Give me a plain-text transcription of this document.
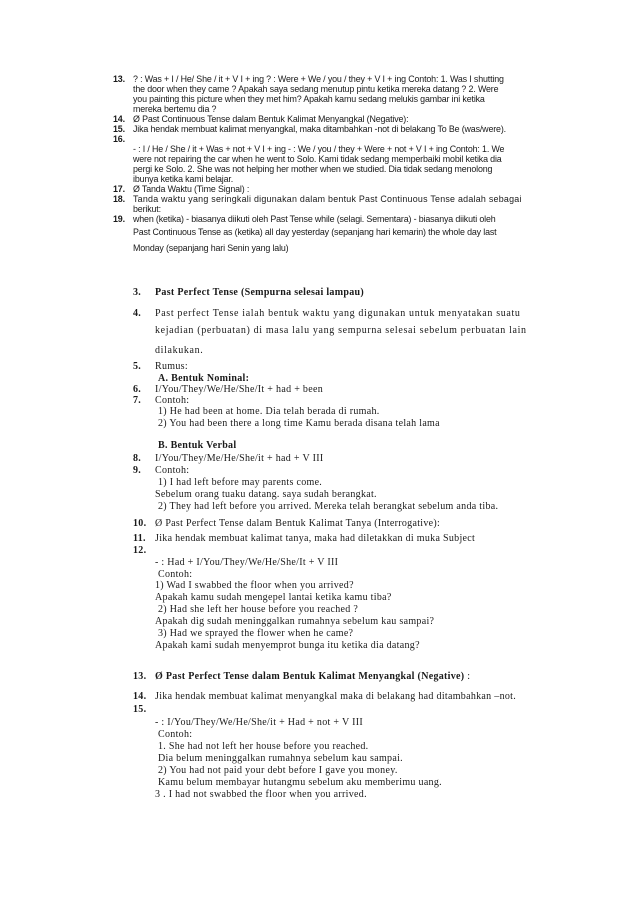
13. ? : Was + I / He/ She / it + V I + ing ? : Were + We / you / they + V I + ing Contoh: 1. Was I shutting
the door when they came ? Apakah saya sedang menutup pintu ketika mereka datang ? 2. Were
you painting this picture when they met him? Apakah kamu sedang melukis gambar ini ketika
mereka bertemu dia ?
14. Ø Past Continuous Tense dalam Bentuk Kalimat Menyangkal (Negative):
15. Jika hendak membuat kalimat menyangkal, maka ditambahkan -not di belakang To Be (was/were).
16.
- : I / He / She / it + Was + not + V I + ing - : We / you / they + Were + not + V I + ing Contoh: 1. We
were not repairing the car when he went to Solo. Kami tidak sedang memperbaiki mobil ketika dia
pergi ke Solo. 2. She was not helping her mother when we studied. Dia tidak sedang menolong
ibunya ketika kami belajar.
17. Ø Tanda Waktu (Time Signal) :
18. Tanda waktu yang seringkali digunakan dalam bentuk Past Continuous Tense adalah sebagai
berikut:
19. when (ketika) - biasanya diikuti oleh Past Tense while (selagi. Sementara) - biasanya diikuti oleh
Past Continuous Tense as (ketika) all day yesterday (sepanjang hari kemarin) the whole day last
Monday (sepanjang hari Senin yang lalu)
3.	Past Perfect Tense (Sempurna selesai lampau)
4.	Past perfect Tense ialah bentuk waktu yang digunakan untuk menyatakan suatu
kejadian (perbuatan) di masa lalu yang sempurna selesai sebelum perbuatan lain
dilakukan.
5.	Rumus:
A. Bentuk Nominal:
6.	I/You/They/We/He/She/It + had + been
7.	Contoh:
1) He had been at home. Dia telah berada di rumah.
2) You had been there a long time Kamu berada disana telah lama
B. Bentuk Verbal
8.	I/You/They/Me/He/She/it + had + V III
9.	Contoh:
1) I had left before may parents come.
Sebelum orang tuaku datang. saya sudah berangkat.
2) They had left before you arrived. Mereka telah berangkat sebelum anda tiba.
10. Ø Past Perfect Tense dalam Bentuk Kalimat Tanya (Interrogative):
11. Jika hendak membuat kalimat tanya, maka had diletakkan di muka Subject
12.
- : Had + I/You/They/We/He/She/It + V III
Contoh:
1) Wad I swabbed the floor when you arrived?
Apakah kamu sudah mengepel lantai ketika kamu tiba?
2) Had she left her house before you reached ?
Apakah dig sudah meninggalkan rumahnya sebelum kau sampai?
3) Had we sprayed the flower when he came?
Apakah kami sudah menyemprot bunga itu ketika dia datang?
13. Ø Past Perfect Tense dalam Bentuk Kalimat Menyangkal (Negative) :
14. Jika hendak membuat kalimat menyangkal maka di belakang had ditambahkan –not.
15.
- : I/You/They/We/He/She/it + Had + not + V III
Contoh:
1. She had not left her house before you reached.
Dia belum meninggalkan rumahnya sebelum kau sampai.
2) You had not paid your debt before I gave you money.
Kamu belum membayar hutangmu sebelum aku memberimu uang.
3 . I had not swabbed the floor when you arrived.
